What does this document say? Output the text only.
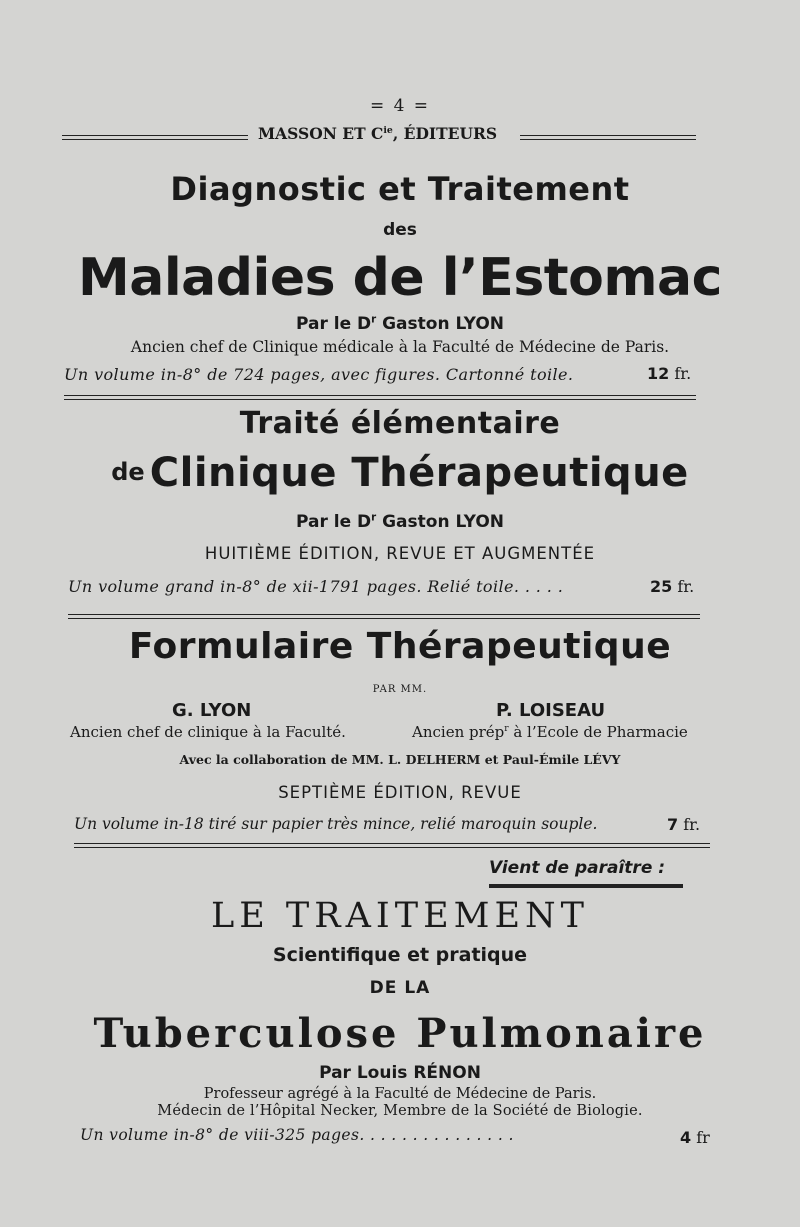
= 4 =
MASSON ET $C^{ie}$, ÉDITEURS
Diagnostic et Traitement
des
Maladies de l’Estomac
Par le $D^r$ Gaston LYON
Ancien chef de Clinique médicale à la Faculté de Médecine de Paris.
Un volume in-8° de 724 pages, avec figures. Cartonné toile.	12 fr.
Traité élémentaire
de Clinique Thérapeutique
Par le $D^r$ Gaston LYON
HUITIÈME ÉDITION, REVUE ET AUGMENTÉE
Un volume grand in-8° de xii-1791 pages. Relié toile. . . . .	25 fr.
Formulaire Thérapeutique
PAR MM.
G. LYON	P. LOISEAU
Ancien chef de clinique à la Faculté.	Ancien prép$^r$ à l’Ecole de Pharmacie
Avec la collaboration de MM. L. DELHERM et Paul-Émile LÉVY
SEPTIÈME ÉDITION, REVUE
Un volume in-18 tiré sur papier très mince, relié maroquin souple.	7 fr.
Vient de paraître :
LE TRAITEMENT
Scientifique et pratique
DE LA
Tuberculose Pulmonaire
Par Louis RÉNON
Professeur agrégé à la Faculté de Médecine de Paris.
Médecin de l’Hôpital Necker, Membre de la Société de Biologie.
Un volume in-8° de viii-325 pages. . . . . . . . . . . . . . .	4 fr
